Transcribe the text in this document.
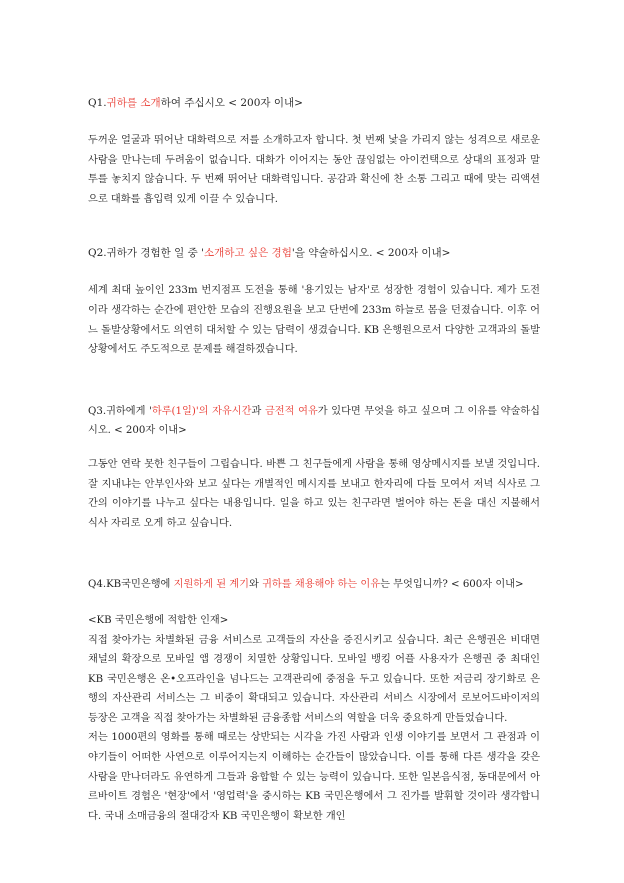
Q1.귀하를 소개하여 주십시오 < 200자 이내>

두꺼운 얼굴과 뛰어난 대화력으로 저를 소개하고자 합니다. 첫 번째 낯을 가리지 않는 성격으로 새로운 사람을 만나는데 두려움이 없습니다. 대화가 이어지는 동안 끊임없는 아이컨택으로 상대의 표정과 말투를 놓치지 않습니다. 두 번째 뛰어난 대화력입니다. 공감과 확신에 찬 소통 그리고 때에 맞는 리액션으로 대화를 흡입력 있게 이끌 수 있습니다.

Q2.귀하가 경험한 일 중 '소개하고 싶은 경험'을 약술하십시오. < 200자 이내>

세계 최대 높이인 233m 번지점프 도전을 통해 '용기있는 남자'로 성장한 경험이 있습니다. 제가 도전이라 생각하는 순간에 편안한 모습의 진행요원을 보고 단번에 233m 하늘로 몸을 던졌습니다. 이후 어느 돌발상황에서도 의연히 대처할 수 있는 담력이 생겼습니다. KB 은행원으로서 다양한 고객과의 돌발상황에서도 주도적으로 문제를 해결하겠습니다.

Q3.귀하에게 '하루(1일)'의 자유시간과 금전적 여유가 있다면 무엇을 하고 싶으며 그 이유를 약술하십시오. < 200자 이내>

그동안 연락 못한 친구들이 그립습니다. 바쁜 그 친구들에게 사람을 통해 영상메시지를 보낼 것입니다. 잘 지내냐는 안부인사와 보고 싶다는 개별적인 메시지를 보내고 한자리에 다들 모여서 저녁 식사로 그간의 이야기를 나누고 싶다는 내용입니다. 일을 하고 있는 친구라면 벌어야 하는 돈을 대신 지불해서 식사 자리로 오게 하고 싶습니다.

Q4.KB국민은행에 지원하게 된 계기와 귀하를 채용해야 하는 이유는 무엇입니까? < 600자 이내>

<KB 국민은행에 적합한 인재>

직접 찾아가는 차별화된 금융 서비스로 고객들의 자산을 증진시키고 싶습니다. 최근 은행권은 비대면 채널의 확장으로 모바일 앱 경쟁이 치열한 상황입니다. 모바일 뱅킹 어플 사용자가 은행권 중 최대인 KB 국민은행은 온•오프라인을 넘나드는 고객관리에 중점을 두고 있습니다. 또한 저금리 장기화로 은행의 자산관리 서비스는 그 비중이 확대되고 있습니다. 자산관리 서비스 시장에서 로보어드바이저의 등장은 고객을 직접 찾아가는 차별화된 금융종합 서비스의 역할을 더욱 중요하게 만들었습니다.

저는 1000편의 영화를 통해 때로는 상반되는 시각을 가진 사람과 인생 이야기를 보면서 그 관점과 이야기들이 어떠한 사연으로 이루어지는지 이해하는 순간들이 많았습니다. 이를 통해 다른 생각을 갖은 사람을 만나더라도 유연하게 그들과 융합할 수 있는 능력이 있습니다. 또한 일본음식점, 동대문에서 아르바이트 경험은 '현장'에서 '영업력'을 중시하는 KB 국민은행에서 그 진가를 발휘할 것이라 생각합니다. 국내 소매금융의 절대강자 KB 국민은행이 확보한 개인
